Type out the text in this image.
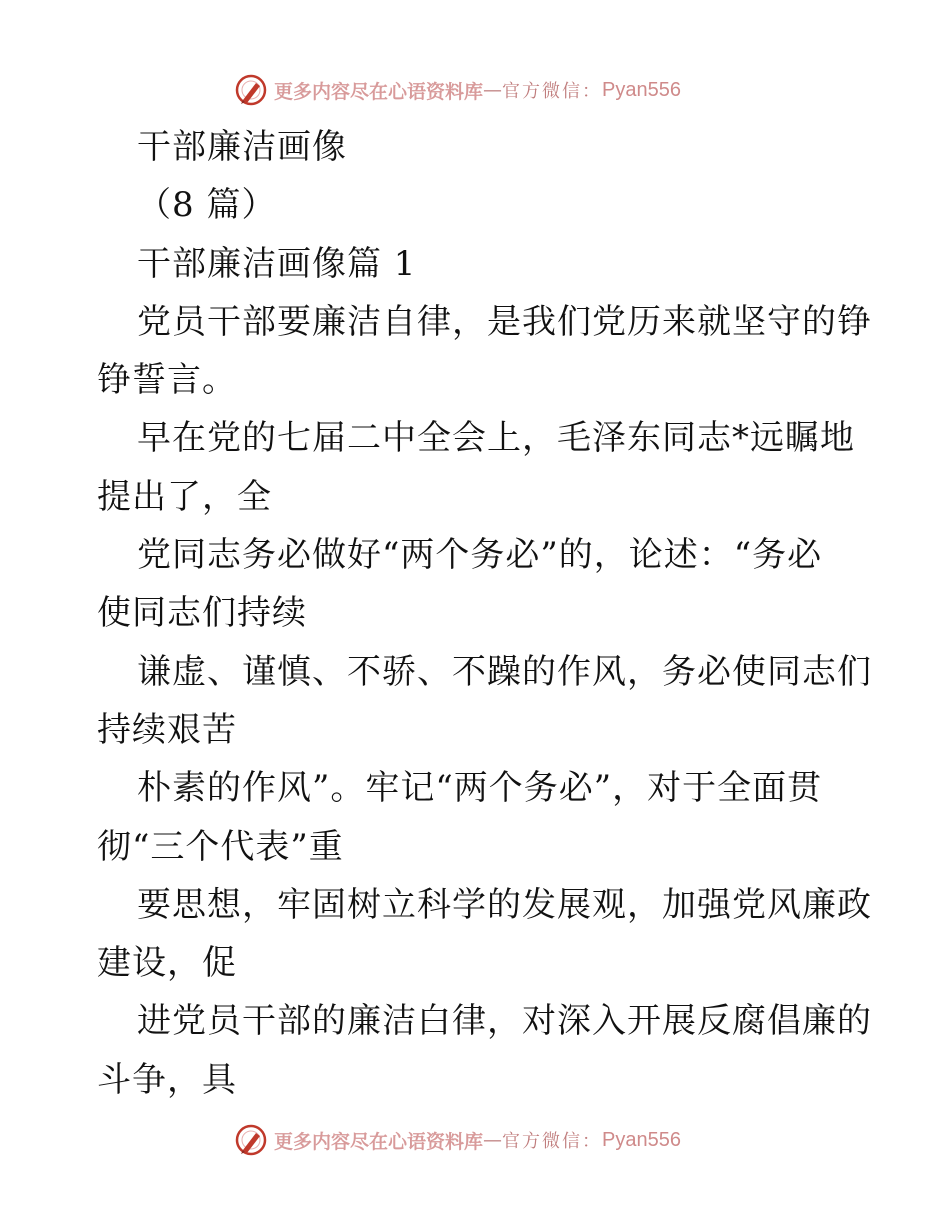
更多内容尽在心语资料库 — 官方微信： Pyan556
干部廉洁画像
（8 篇）
干部廉洁画像篇 1
党员干部要廉洁自律，是我们党历来就坚守的铮
铮誓言。
早在党的七届二中全会上，毛泽东同志*远瞩地
提出了，全
党同志务必做好“两个务必”的，论述：“务必
使同志们持续
谦虚、谨慎、不骄、不躁的作风，务必使同志们
持续艰苦
朴素的作风”。牢记“两个务必”，对于全面贯
彻“三个代表”重
要思想，牢固树立科学的发展观，加强党风廉政
建设，促
进党员干部的廉洁白律，对深入开展反腐倡廉的
斗争，具
更多内容尽在心语资料库 — 官方微信： Pyan556
